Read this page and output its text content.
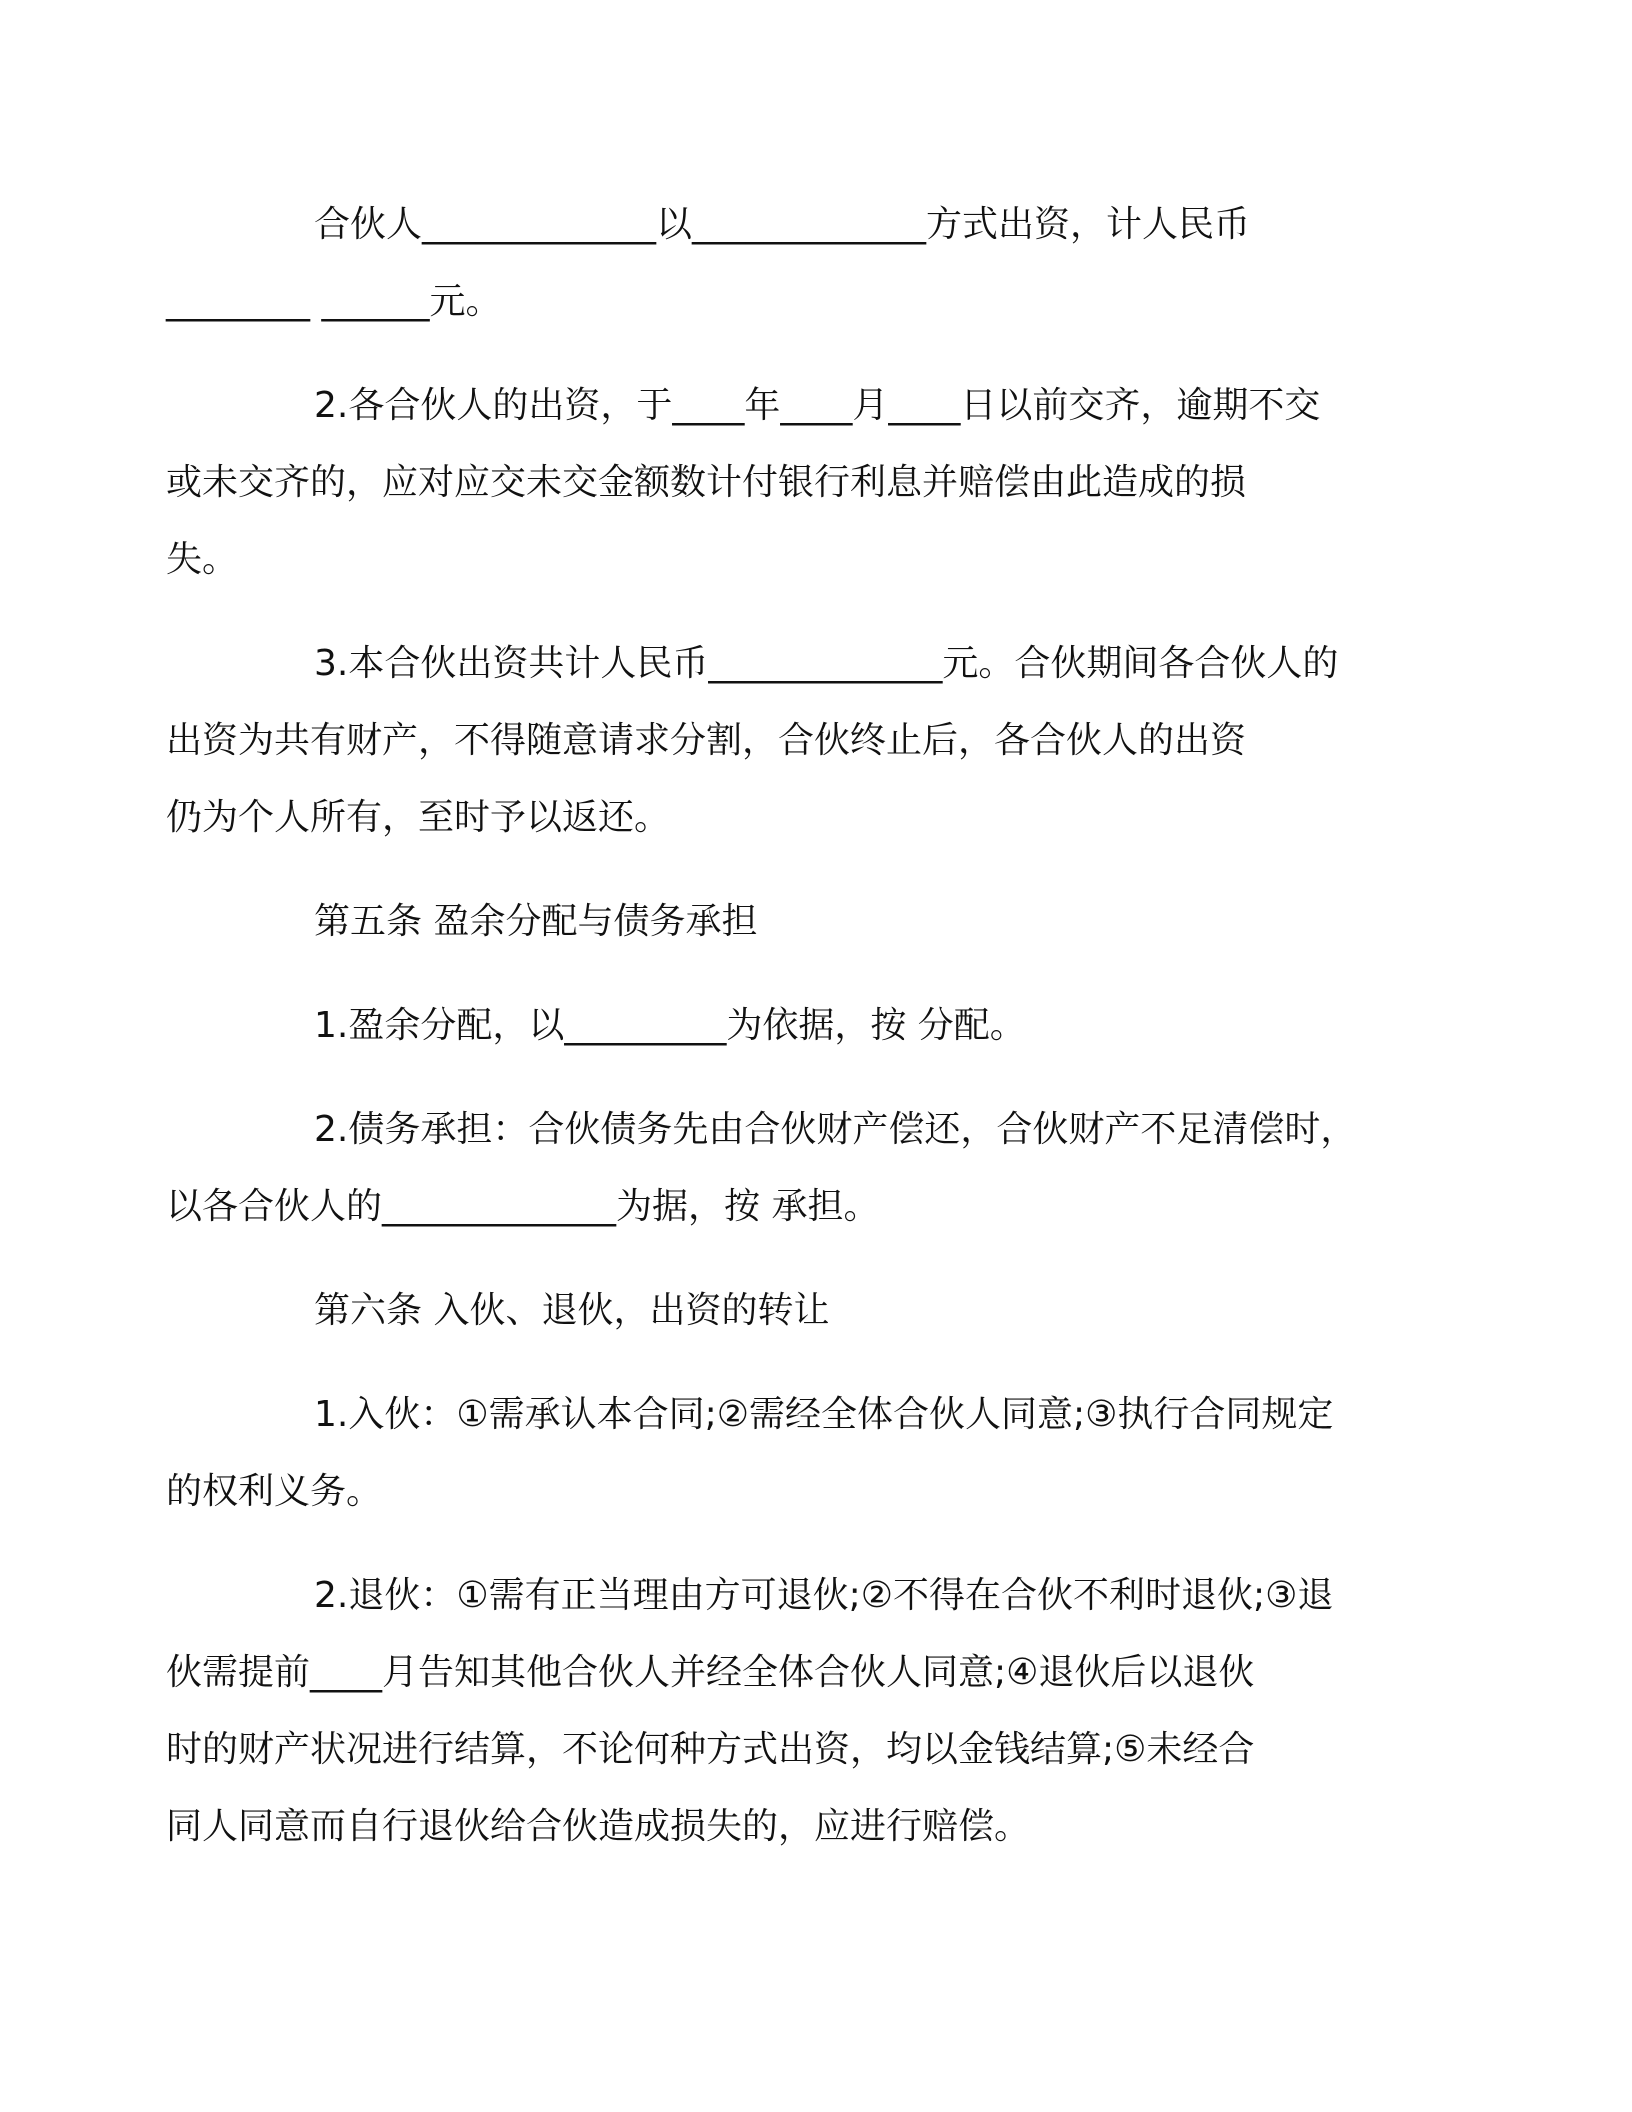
合伙人_____________以_____________方式出资，计人民币
________ ______元。

2.各合伙人的出资，于____年____月____日以前交齐，逾期不交
或未交齐的，应对应交未交金额数计付银行利息并赔偿由此造成的损
失。

3.本合伙出资共计人民币_____________元。合伙期间各合伙人的
出资为共有财产，不得随意请求分割，合伙终止后，各合伙人的出资
仍为个人所有，至时予以返还。

第五条 盈余分配与债务承担

1.盈余分配，以_________为依据，按 分配。

2.债务承担：合伙债务先由合伙财产偿还，合伙财产不足清偿时，
以各合伙人的_____________为据，按 承担。

第六条 入伙、退伙，出资的转让

1.入伙：①需承认本合同;②需经全体合伙人同意;③执行合同规定
的权利义务。

2.退伙：①需有正当理由方可退伙;②不得在合伙不利时退伙;③退
伙需提前____月告知其他合伙人并经全体合伙人同意;④退伙后以退伙
时的财产状况进行结算，不论何种方式出资，均以金钱结算;⑤未经合
同人同意而自行退伙给合伙造成损失的，应进行赔偿。
